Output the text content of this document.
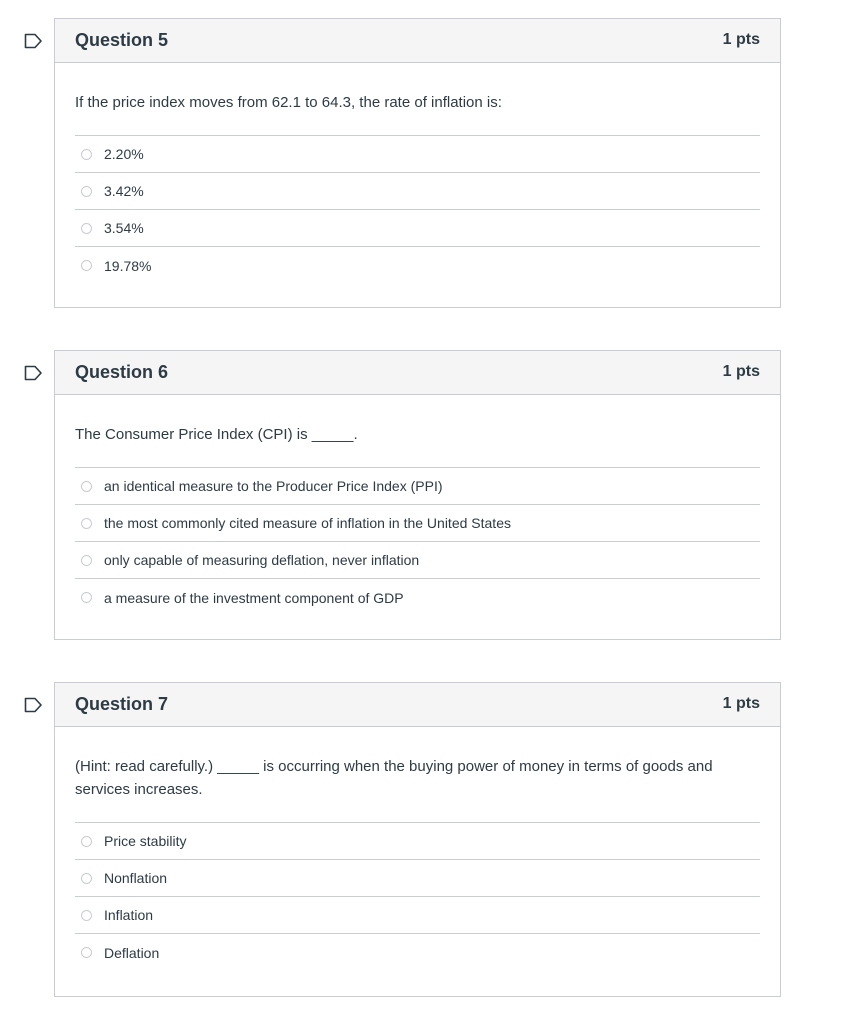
Question 5	1 pts

If the price index moves from 62.1 to 64.3, the rate of inflation is:

2.20%
3.42%
3.54%
19.78%
Question 6	1 pts

The Consumer Price Index (CPI) is _____.

an identical measure to the Producer Price Index (PPI)
the most commonly cited measure of inflation in the United States
only capable of measuring deflation, never inflation
a measure of the investment component of GDP
Question 7	1 pts

(Hint: read carefully.) _____ is occurring when the buying power of money in terms of goods and services increases.

Price stability
Nonflation
Inflation
Deflation
